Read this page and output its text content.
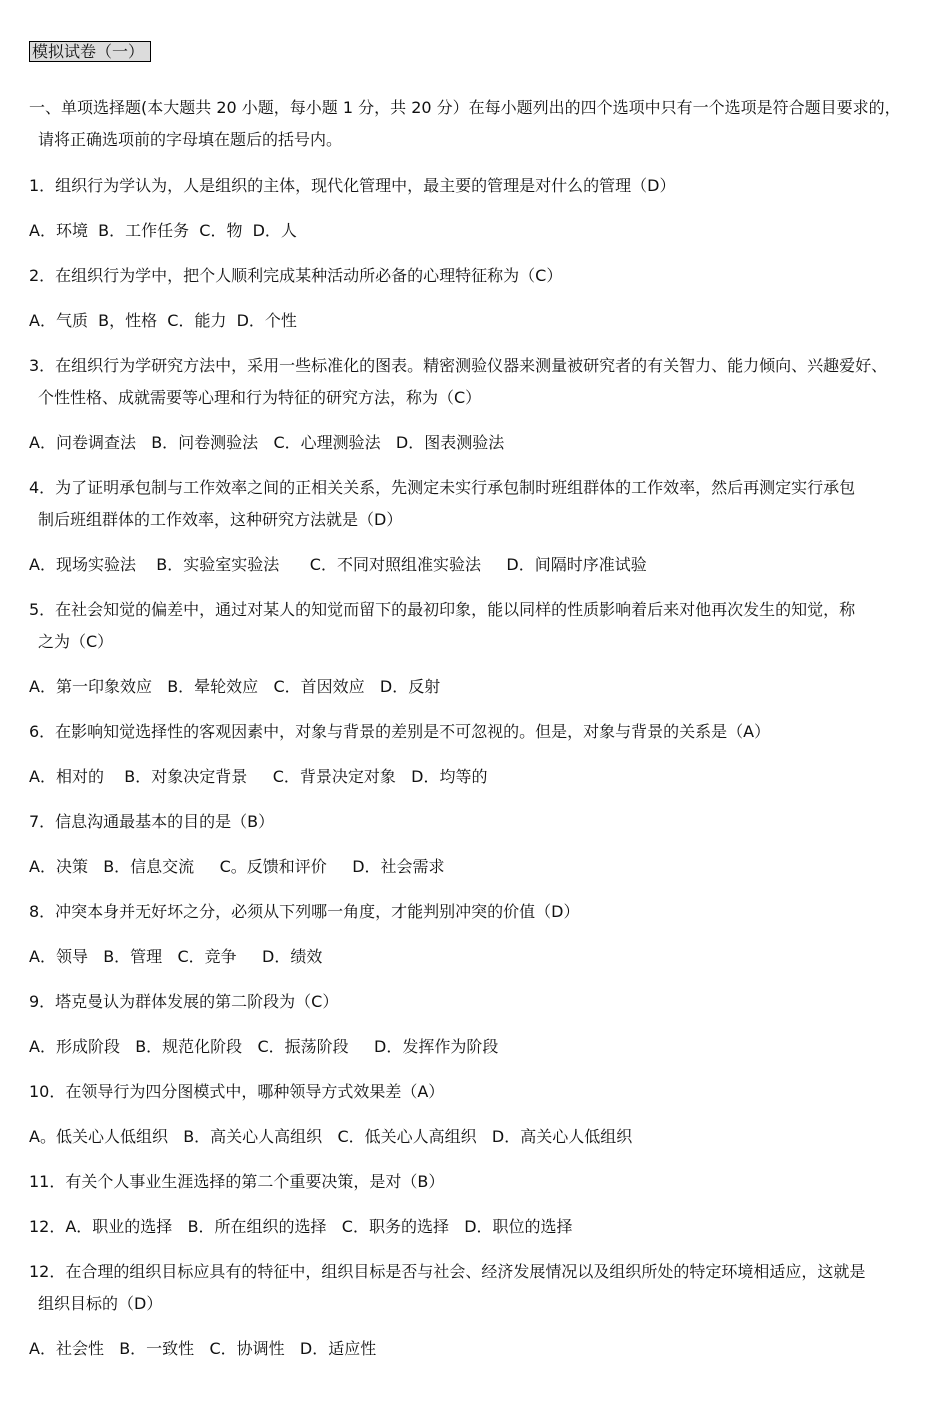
模拟试卷（一）
一、单项选择题(本大题共 20 小题，每小题 1 分，共 20 分）在每小题列出的四个选项中只有一个选项是符合题目要求的，
请将正确选项前的字母填在题后的括号内。
1．组织行为学认为，人是组织的主体，现代化管理中，最主要的管理是对什么的管理（D）
A．环境  B．工作任务  C．物  D．人
2．在组织行为学中，把个人顺利完成某种活动所必备的心理特征称为（C）
A．气质  B，性格  C．能力  D．个性
3．在组织行为学研究方法中，采用一些标准化的图表。精密测验仪器来测量被研究者的有关智力、能力倾向、兴趣爱好、
个性性格、成就需要等心理和行为特征的研究方法，称为（C）
A．问卷调查法   B．问卷测验法   C．心理测验法   D．图表测验法
4．为了证明承包制与工作效率之间的正相关关系，先测定未实行承包制时班组群体的工作效率，然后再测定实行承包
制后班组群体的工作效率，这种研究方法就是（D）
A．现场实验法    B．实验室实验法      C．不同对照组准实验法     D．间隔时序准试验
5．在社会知觉的偏差中，通过对某人的知觉而留下的最初印象，能以同样的性质影响着后来对他再次发生的知觉，称
之为（C）
A．第一印象效应   B．晕轮效应   C．首因效应   D．反射
6．在影响知觉选择性的客观因素中，对象与背景的差别是不可忽视的。但是，对象与背景的关系是（A）
A．相对的    B．对象决定背景     C．背景决定对象   D．均等的
7．信息沟通最基本的目的是（B）
A．决策   B．信息交流     C。反馈和评价     D．社会需求
8．冲突本身并无好坏之分，必须从下列哪一角度，才能判别冲突的价值（D）
A．领导   B．管理   C．竞争     D．绩效
9．塔克曼认为群体发展的第二阶段为（C）
A．形成阶段   B．规范化阶段   C．振荡阶段     D．发挥作为阶段
10．在领导行为四分图模式中，哪种领导方式效果差（A）
A。低关心人低组织   B．高关心人高组织   C．低关心人高组织   D．高关心人低组织
11．有关个人事业生涯选择的第二个重要决策，是对（B）
12．A．职业的选择   B．所在组织的选择   C．职务的选择   D．职位的选择
12．在合理的组织目标应具有的特征中，组织目标是否与社会、经济发展情况以及组织所处的特定环境相适应，这就是
组织目标的（D）
A．社会性   B．一致性   C．协调性   D．适应性
